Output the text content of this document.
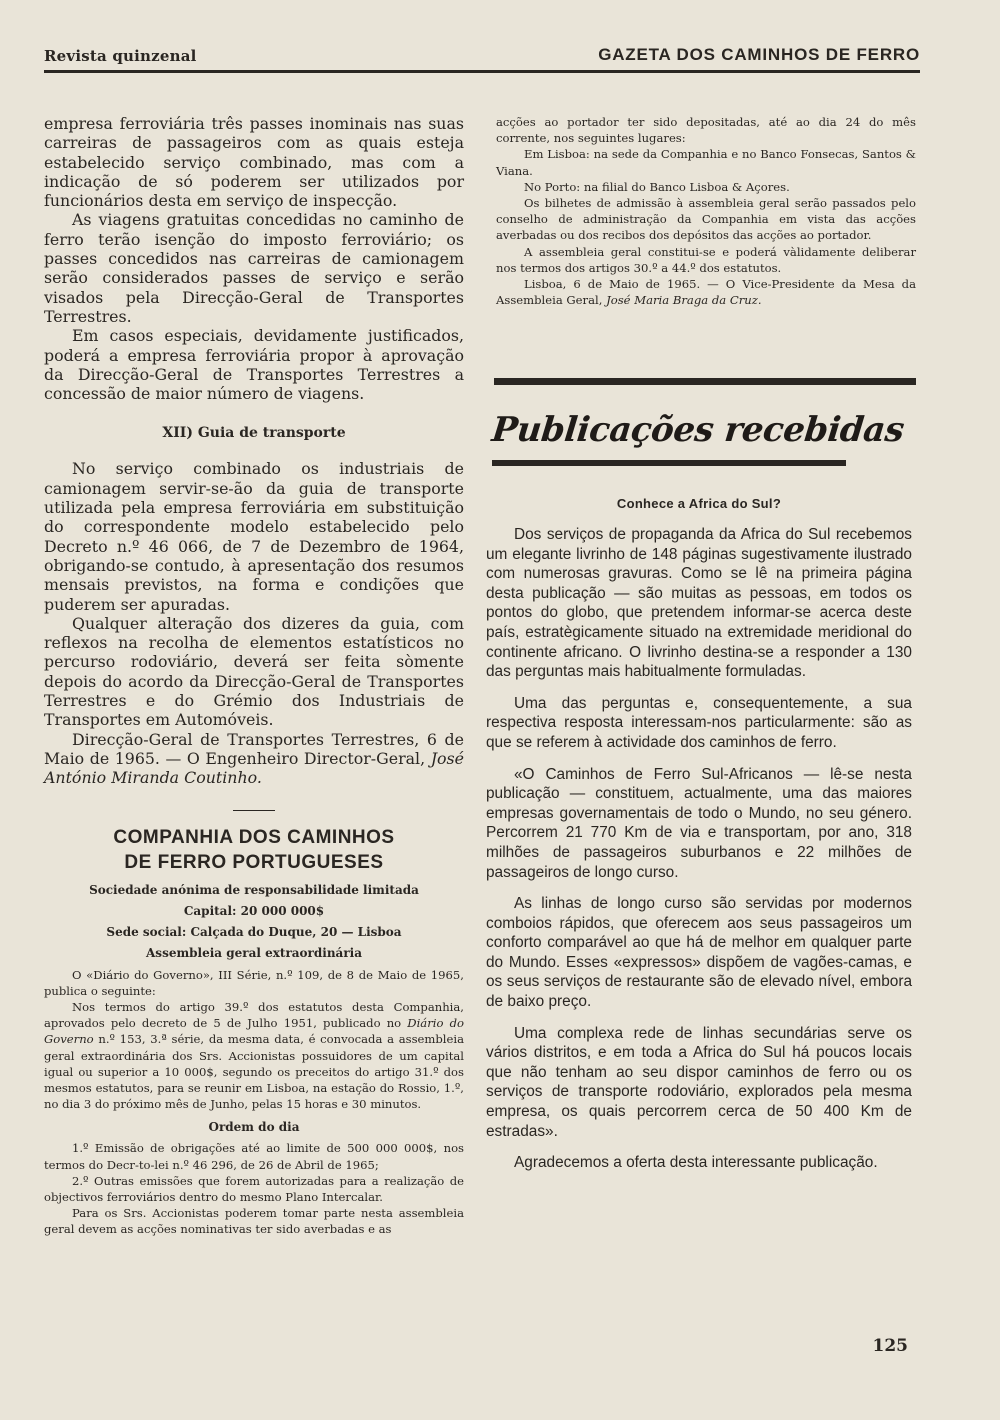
Revista quinzenal	GAZETA DOS CAMINHOS DE FERRO

empresa ferroviária três passes inominais nas suas carreiras de passageiros com as quais esteja estabelecido serviço combinado, mas com a indicação de só poderem ser utilizados por funcionários desta em serviço de inspecção.

As viagens gratuitas concedidas no caminho de ferro terão isenção do imposto ferroviário; os passes concedidos nas carreiras de camionagem serão considerados passes de serviço e serão visados pela Direcção-Geral de Transportes Terrestres.

Em casos especiais, devidamente justificados, poderá a empresa ferroviária propor à aprovação da Direcção-Geral de Transportes Terrestres a concessão de maior número de viagens.

XII) Guia de transporte

No serviço combinado os industriais de camionagem servir-se-ão da guia de transporte utilizada pela empresa ferroviária em substituição do correspondente modelo estabelecido pelo Decreto n.º 46 066, de 7 de Dezembro de 1964, obrigando-se contudo, à apresentação dos resumos mensais previstos, na forma e condições que puderem ser apuradas.

Qualquer alteração dos dizeres da guia, com reflexos na recolha de elementos estatísticos no percurso rodoviário, deverá ser feita sòmente depois do acordo da Direcção-Geral de Transportes Terrestres e do Grémio dos Industriais de Transportes em Automóveis.

Direcção-Geral de Transportes Terrestres, 6 de Maio de 1965. — O Engenheiro Director-Geral, José António Miranda Coutinho.

COMPANHIA DOS CAMINHOS
DE FERRO PORTUGUESES
Sociedade anónima de responsabilidade limitada
Capital: 20 000 000$
Sede social: Calçada do Duque, 20 — Lisboa
Assembleia geral extraordinária

O «Diário do Governo», III Série, n.º 109, de 8 de Maio de 1965, publica o seguinte:

Nos termos do artigo 39.º dos estatutos desta Companhia, aprovados pelo decreto de 5 de Julho 1951, publicado no Diário do Governo n.º 153, 3.ª série, da mesma data, é convocada a assembleia geral extraordinária dos Srs. Accionistas possuidores de um capital igual ou superior a 10 000$, segundo os preceitos do artigo 31.º dos mesmos estatutos, para se reunir em Lisboa, na estação do Rossio, 1.º, no dia 3 do próximo mês de Junho, pelas 15 horas e 30 minutos.

Ordem do dia

1.º Emissão de obrigações até ao limite de 500 000 000$, nos termos do Decr-to-lei n.º 46 296, de 26 de Abril de 1965;

2.º Outras emissões que forem autorizadas para a realização de objectivos ferroviários dentro do mesmo Plano Intercalar.

Para os Srs. Accionistas poderem tomar parte nesta assembleia geral devem as acções nominativas ter sido averbadas e as

acções ao portador ter sido depositadas, até ao dia 24 do mês corrente, nos seguintes lugares:

Em Lisboa: na sede da Companhia e no Banco Fonsecas, Santos & Viana.

No Porto: na filial do Banco Lisboa & Açores.

Os bilhetes de admissão à assembleia geral serão passados pelo conselho de administração da Companhia em vista das acções averbadas ou dos recibos dos depósitos das acções ao portador.

A assembleia geral constitui-se e poderá vàlidamente deliberar nos termos dos artigos 30.º a 44.º dos estatutos.

Lisboa, 6 de Maio de 1965. — O Vice-Presidente da Mesa da Assembleia Geral, José Maria Braga da Cruz.

Publicações recebidas
Conhece a Africa do Sul?

Dos serviços de propaganda da Africa do Sul recebemos um elegante livrinho de 148 páginas sugestivamente ilustrado com numerosas gravuras. Como se lê na primeira página desta publicação — são muitas as pessoas, em todos os pontos do globo, que pretendem informar-se acerca deste país, estratègicamente situado na extremidade meridional do continente africano. O livrinho destina-se a responder a 130 das perguntas mais habitualmente formuladas.

Uma das perguntas e, consequentemente, a sua respectiva resposta interessam-nos particularmente: são as que se referem à actividade dos caminhos de ferro.

«O Caminhos de Ferro Sul-Africanos — lê-se nesta publicação — constituem, actualmente, uma das maiores empresas governamentais de todo o Mundo, no seu género. Percorrem 21 770 Km de via e transportam, por ano, 318 milhões de passageiros suburbanos e 22 milhões de passageiros de longo curso.

As linhas de longo curso são servidas por modernos comboios rápidos, que oferecem aos seus passageiros um conforto comparável ao que há de melhor em qualquer parte do Mundo. Esses «expressos» dispõem de vagões-camas, e os seus serviços de restaurante são de elevado nível, embora de baixo preço.

Uma complexa rede de linhas secundárias serve os vários distritos, e em toda a Africa do Sul há poucos locais que não tenham ao seu dispor caminhos de ferro ou os serviços de transporte rodoviário, explorados pela mesma empresa, os quais percorrem cerca de 50 400 Km de estradas».

Agradecemos a oferta desta interessante publicação.

125
